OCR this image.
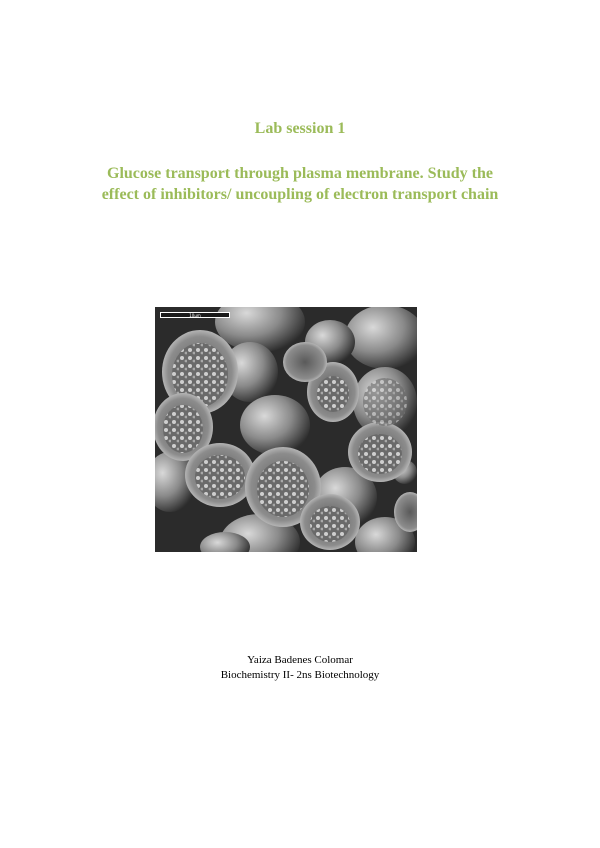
Lab session 1
Glucose transport through plasma membrane. Study the effect of inhibitors/ uncoupling of electron transport chain
10μm
Yaiza Badenes Colomar
Biochemistry II- 2ns Biotechnology
